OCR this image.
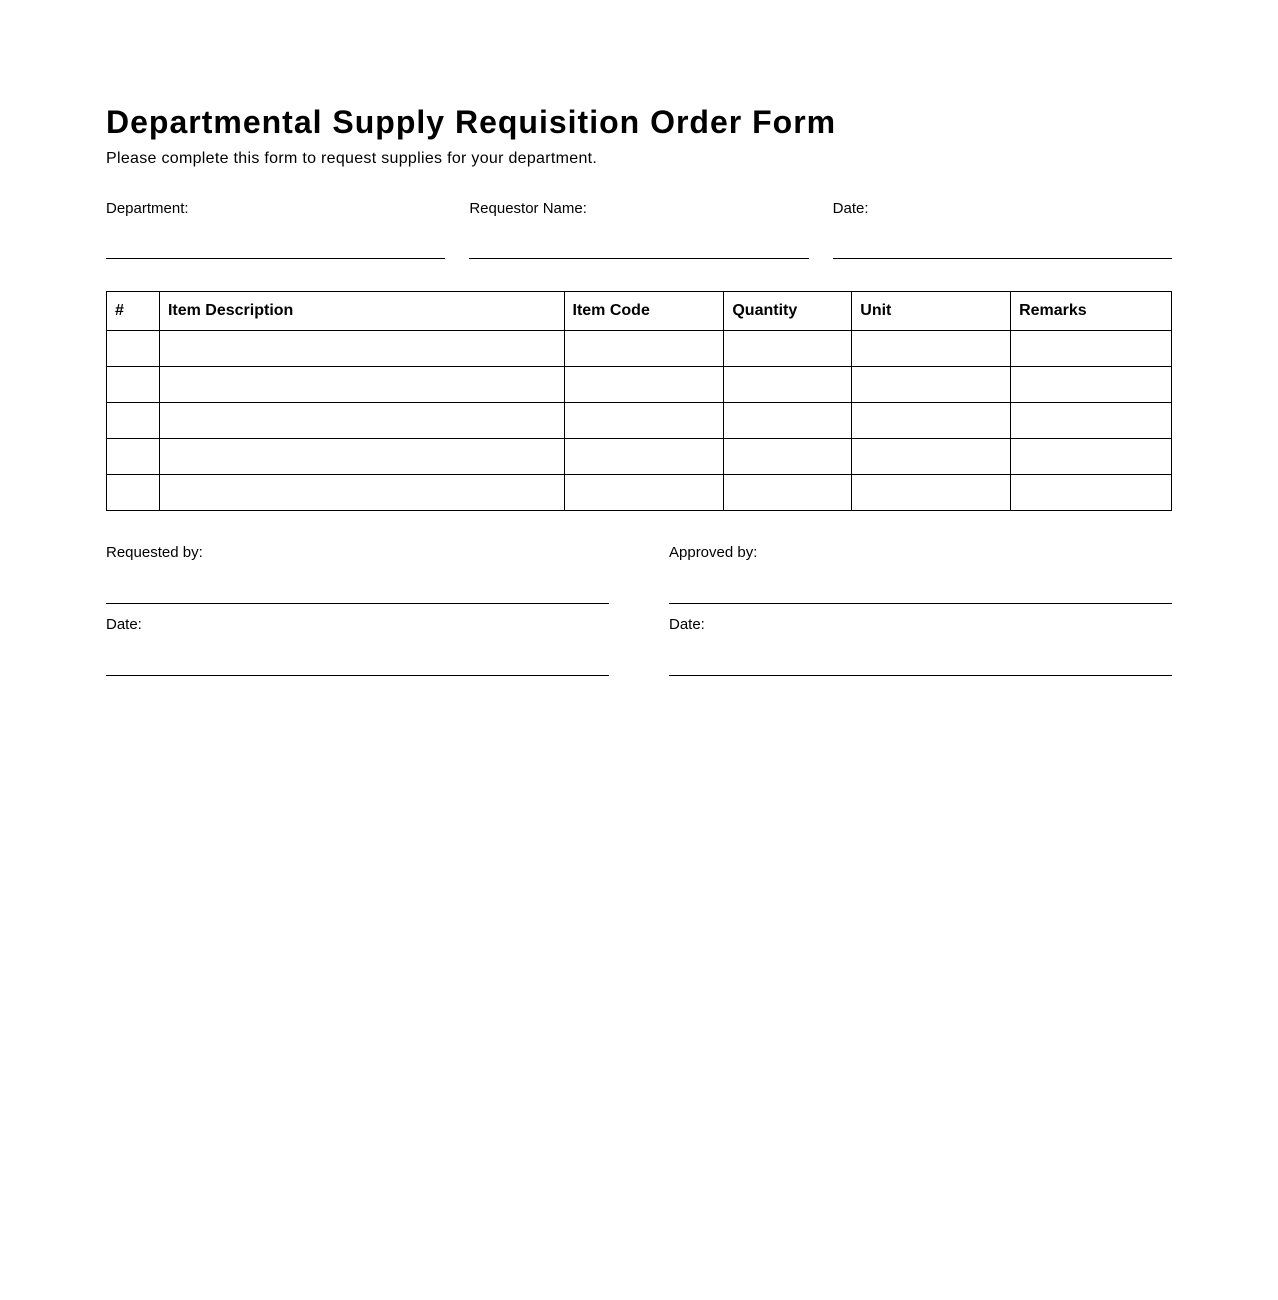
Departmental Supply Requisition Order Form

Please complete this form to request supplies for your department.

Department:	Requestor Name:	Date:
#	Item Description	Item Code	Quantity	Unit	Remarks

Requested by:
Date:
Approved by:
Date:
